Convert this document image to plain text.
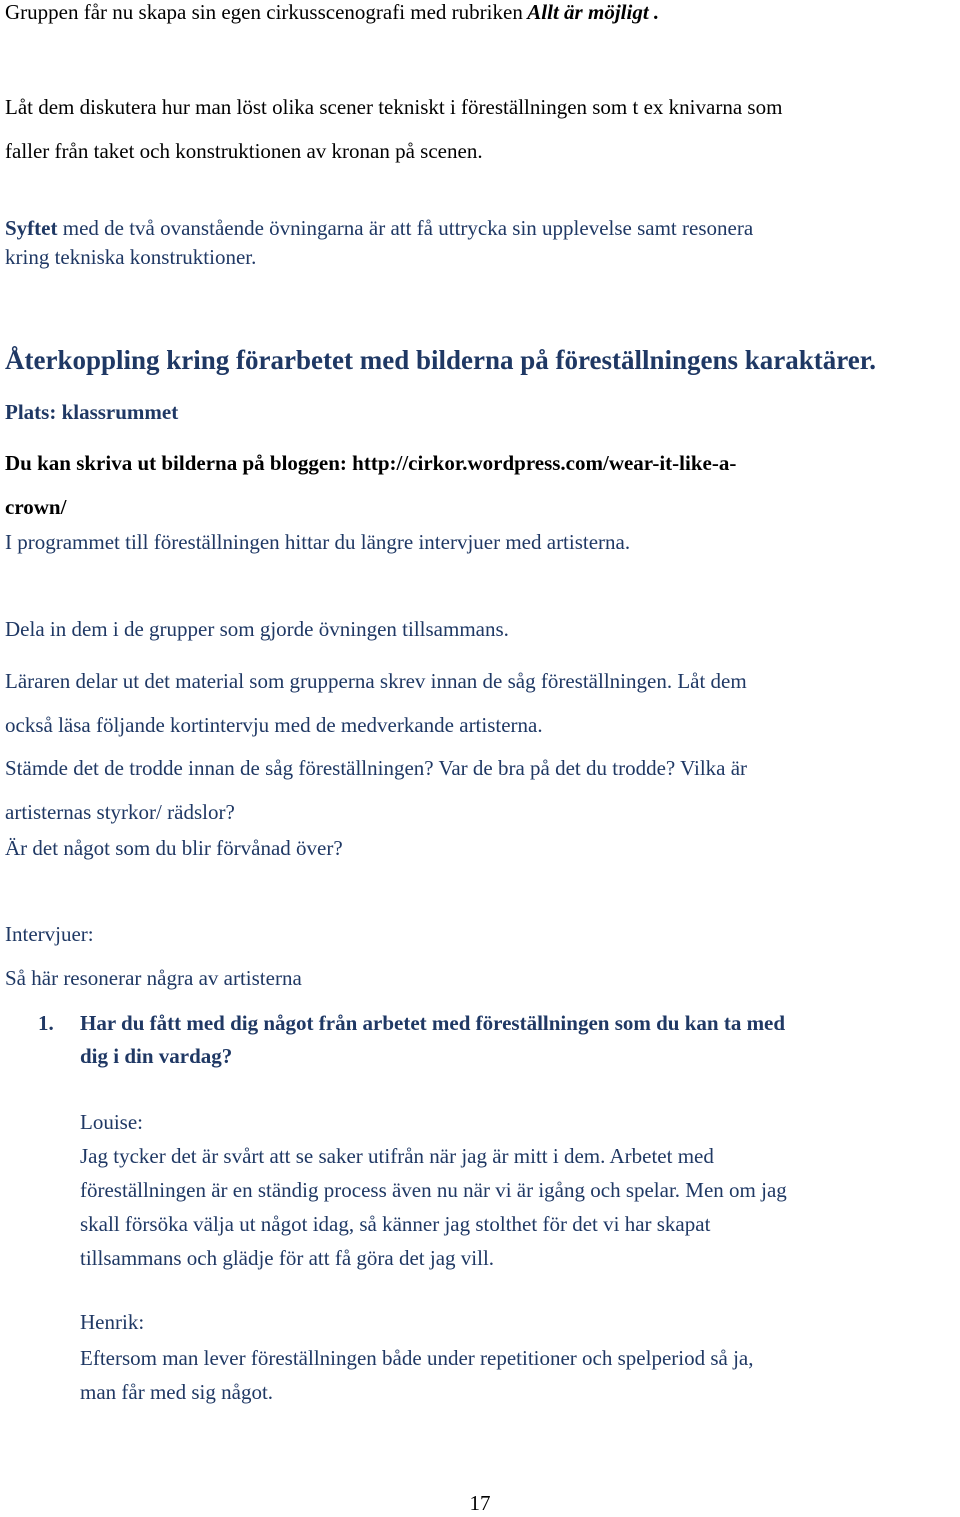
Gruppen får nu skapa sin egen cirkusscenografi med rubriken Allt är möjligt .

Låt dem diskutera hur man löst olika scener tekniskt i föreställningen som t ex knivarna som
faller från taket och konstruktionen av kronan på scenen.

Syftet med de två ovanstående övningarna är att få uttrycka sin upplevelse samt resonera
kring tekniska konstruktioner.

Återkoppling kring förarbetet med bilderna på föreställningens karaktärer.

Plats: klassrummet

Du kan skriva ut bilderna på bloggen: http://cirkor.wordpress.com/wear-it-like-a-
crown/

I programmet till föreställningen hittar du längre intervjuer med artisterna.

Dela in dem i de grupper som gjorde övningen tillsammans.

Läraren delar ut det material som grupperna skrev innan de såg föreställningen. Låt dem
också läsa följande kortintervju med de medverkande artisterna.

Stämde det de trodde innan de såg föreställningen? Var de bra på det du trodde? Vilka är
artisternas styrkor/ rädslor?

Är det något som du blir förvånad över?

Intervjuer:

Så här resonerar några av artisterna

1.	Har du fått med dig något från arbetet med föreställningen som du kan ta med
dig i din vardag?

Louise:

Jag tycker det är svårt att se saker utifrån när jag är mitt i dem. Arbetet med
föreställningen är en ständig process även nu när vi är igång och spelar. Men om jag
skall försöka välja ut något idag, så känner jag stolthet för det vi har skapat
tillsammans och glädje för att få göra det jag vill.

Henrik:

Eftersom man lever föreställningen både under repetitioner och spelperiod så ja,
man får med sig något.

17
